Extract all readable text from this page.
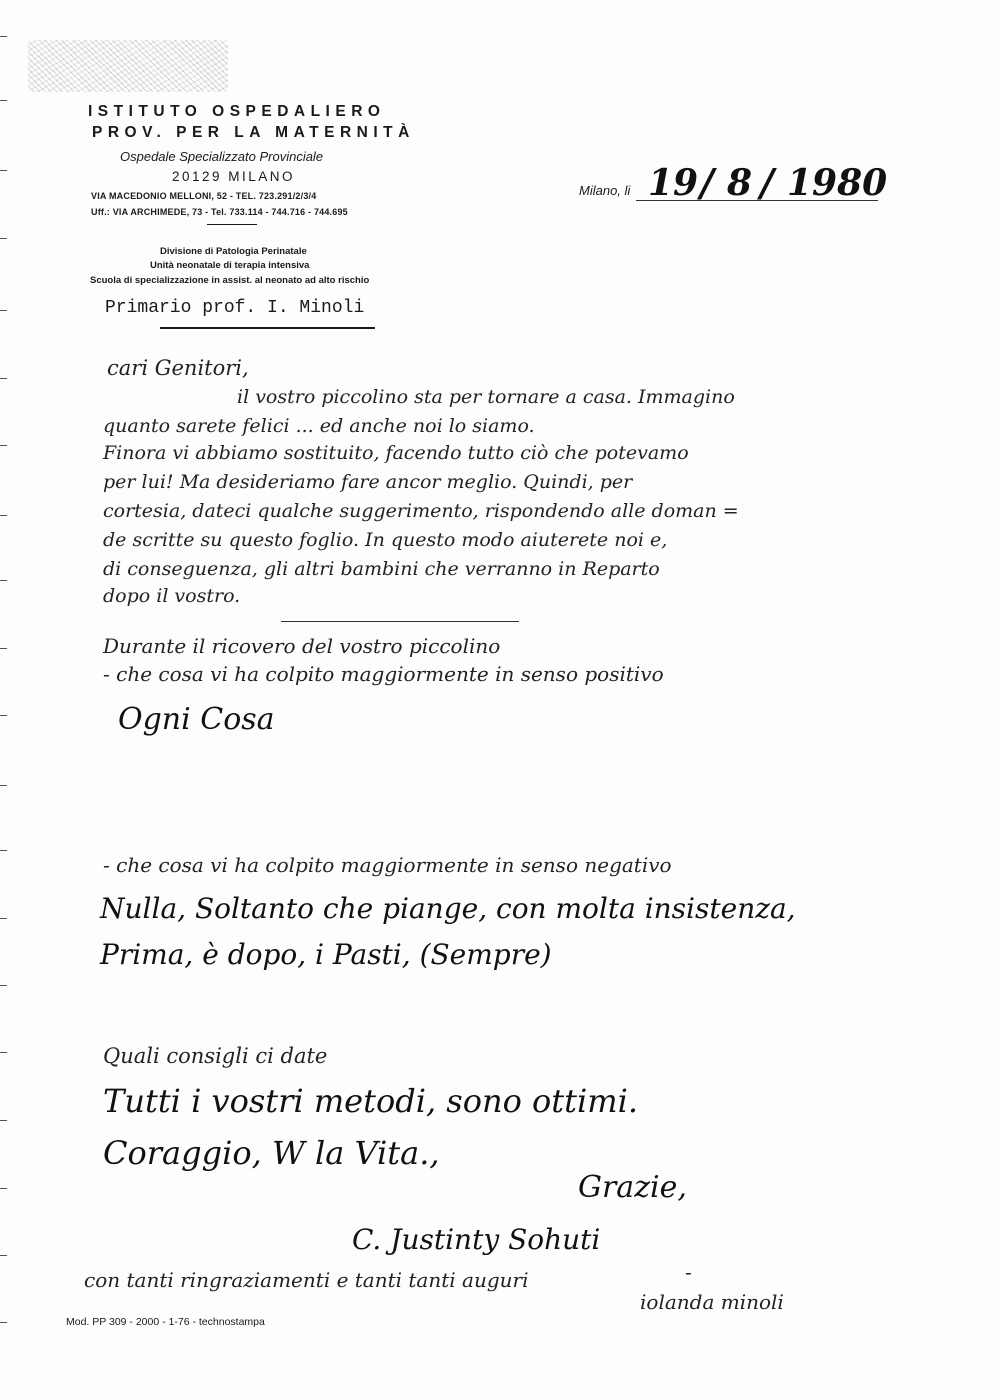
ISTITUTO OSPEDALIERO
PROV. PER LA MATERNITÀ
Ospedale Specializzato Provinciale
20129 MILANO
VIA MACEDONIO MELLONI, 52 - TEL. 723.291/2/3/4
Uff.: VIA ARCHIMEDE, 73 - Tel. 733.114 - 744.716 - 744.695
Divisione di Patologia Perinatale
Unità neonatale di terapia intensiva
Scuola di specializzazione in assist. al neonato ad alto rischio
Primario prof. I. Minoli
Milano, li 19 / 8 / 1980
cari Genitori,
il vostro piccolino sta per tornare a casa. Immagino
quanto sarete felici ... ed anche noi lo siamo.
Finora vi abbiamo sostituito, facendo tutto ciò che potevamo
per lui! Ma desideriamo fare ancor meglio. Quindi, per
cortesia, dateci qualche suggerimento, rispondendo alle doman =
de scritte su questo foglio. In questo modo aiuterete noi e,
di conseguenza, gli altri bambini che verranno in Reparto
dopo il vostro.
Durante il ricovero del vostro piccolino
- che cosa vi ha colpito maggiormente in senso positivo
Ogni Cosa
- che cosa vi ha colpito maggiormente in senso negativo
Nulla, Soltanto che piange, con molta insistenza,
Prima, è dopo, i Pasti, (Sempre)
Quali consigli ci date
Tutti i vostri metodi, sono ottimi.
Coraggio, W la Vita.,
Grazie,
C. Justinty Sohuti
con tanti ringraziamenti e tanti tanti auguri	-
iolanda minoli
Mod. PP 309 - 2000 - 1-76 - technostampa
